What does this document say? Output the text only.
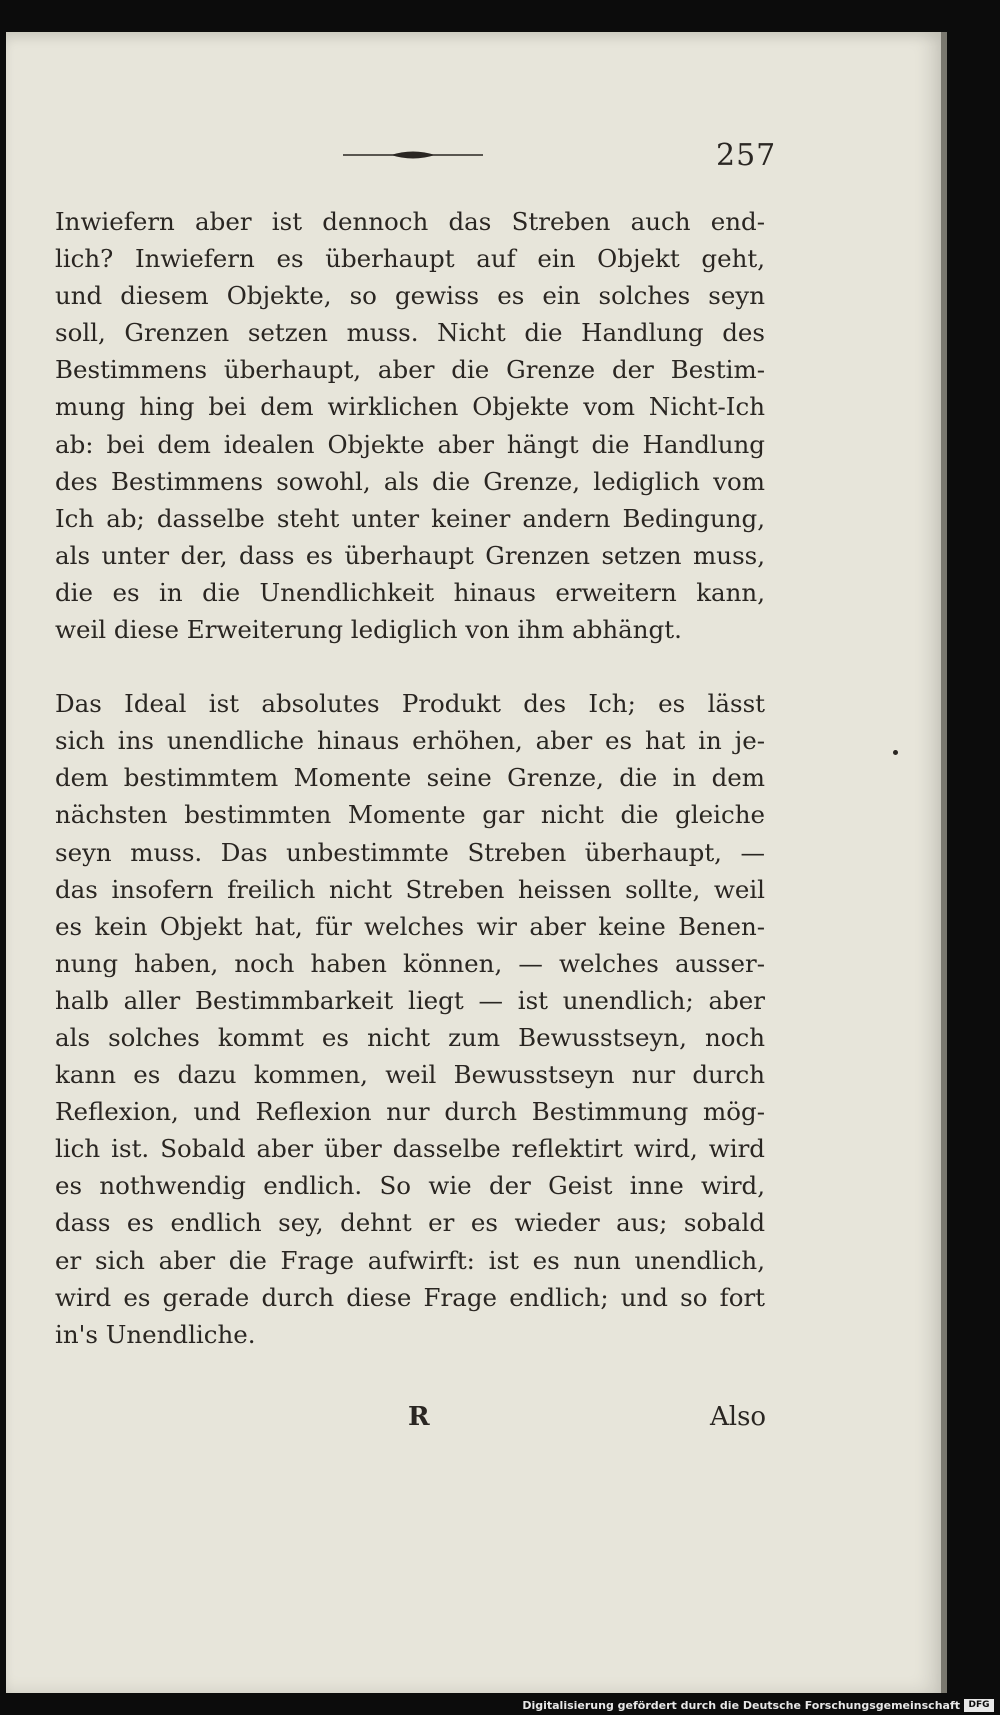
257
Inwiefern aber ist dennoch das Streben auch end-
lich? Inwiefern es überhaupt auf ein Objekt geht,
und diesem Objekte, so gewiss es ein solches seyn
soll, Grenzen setzen muss. Nicht die Handlung des
Bestimmens überhaupt, aber die Grenze der Bestim-
mung hing bei dem wirklichen Objekte vom Nicht-Ich
ab: bei dem idealen Objekte aber hängt die Handlung
des Bestimmens sowohl, als die Grenze, lediglich vom
Ich ab; dasselbe steht unter keiner andern Bedingung,
als unter der, dass es überhaupt Grenzen setzen muss,
die es in die Unendlichkeit hinaus erweitern kann,
weil diese Erweiterung lediglich von ihm abhängt.
Das Ideal ist absolutes Produkt des Ich; es lässt
sich ins unendliche hinaus erhöhen, aber es hat in je-
dem bestimmtem Momente seine Grenze, die in dem
nächsten bestimmten Momente gar nicht die gleiche
seyn muss. Das unbestimmte Streben überhaupt, —
das insofern freilich nicht Streben heissen sollte, weil
es kein Objekt hat, für welches wir aber keine Benen-
nung haben, noch haben können, — welches ausser-
halb aller Bestimmbarkeit liegt — ist unendlich; aber
als solches kommt es nicht zum Bewusstseyn, noch
kann es dazu kommen, weil Bewusstseyn nur durch
Reflexion, und Reflexion nur durch Bestimmung mög-
lich ist. Sobald aber über dasselbe reflektirt wird, wird
es nothwendig endlich. So wie der Geist inne wird,
dass es endlich sey, dehnt er es wieder aus; sobald
er sich aber die Frage aufwirft: ist es nun unendlich,
wird es gerade durch diese Frage endlich; und so fort
in's Unendliche.
R	Also
Digitalisierung gefördert durch die Deutsche Forschungsgemeinschaft DFG
